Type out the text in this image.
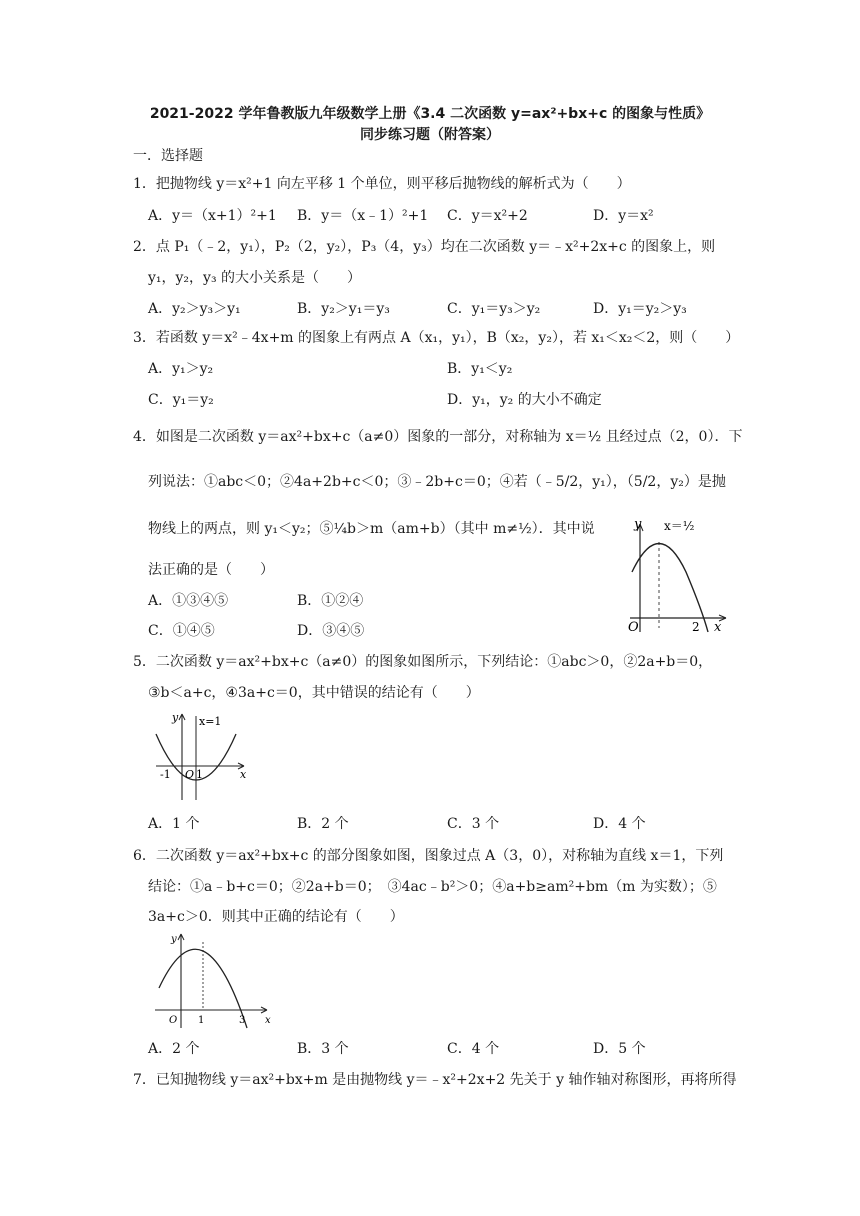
2021-2022 学年鲁教版九年级数学上册《3.4 二次函数 y=ax²+bx+c 的图象与性质》
同步练习题（附答案）
一．选择题
1．把抛物线 y＝x²+1 向左平移 1 个单位，则平移后抛物线的解析式为（　　）
A．y＝（x+1）²+1 B．y＝（x﹣1）²+1 C．y＝x²+2	D．y＝x²
2．点 P₁（﹣2，y₁），P₂（2，y₂），P₃（4，y₃）均在二次函数 y＝﹣x²+2x+c 的图象上，则
y₁，y₂，y₃ 的大小关系是（　　）
A．y₂＞y₃＞y₁	B．y₂＞y₁＝y₃	C．y₁＝y₃＞y₂	D．y₁＝y₂＞y₃
3．若函数 y＝x²﹣4x+m 的图象上有两点 A（x₁，y₁），B（x₂，y₂），若 x₁＜x₂＜2，则（　　）
A．y₁＞y₂	B．y₁＜y₂
C．y₁＝y₂	D．y₁，y₂ 的大小不确定
4．如图是二次函数 y＝ax²+bx+c（a≠0）图象的一部分，对称轴为 x＝½ 且经过点（2，0）．下
列说法：①abc＜0；②4a+2b+c＜0；③﹣2b+c＝0；④若（﹣5/2，y₁），（5/2，y₂）是抛
物线上的两点，则 y₁＜y₂；⑤¼b＞m（am+b）（其中 m≠½）．其中说
法正确的是（　　）
A．①③④⑤	B．①②④
C．①④⑤	D．③④⑤
y x＝½
O	2 x
5．二次函数 y＝ax²+bx+c（a≠0）的图象如图所示，下列结论：①abc＞0，②2a+b＝0，
③b＜a+c，④3a+c＝0，其中错误的结论有（　　）
y x=1
-1 O 1	x
A．1 个	B．2 个	C．3 个	D．4 个
6．二次函数 y＝ax²+bx+c 的部分图象如图，图象过点 A（3，0），对称轴为直线 x＝1，下列
结论：①a﹣b+c＝0；②2a+b＝0；　③4ac﹣b²＞0；④a+b≥am²+bm（m 为实数）；⑤
3a+c＞0．则其中正确的结论有（　　）
y
O 1	3 x
A．2 个	B．3 个	C．4 个	D．5 个
7．已知抛物线 y＝ax²+bx+m 是由抛物线 y＝﹣x²+2x+2 先关于 y 轴作轴对称图形，再将所得
